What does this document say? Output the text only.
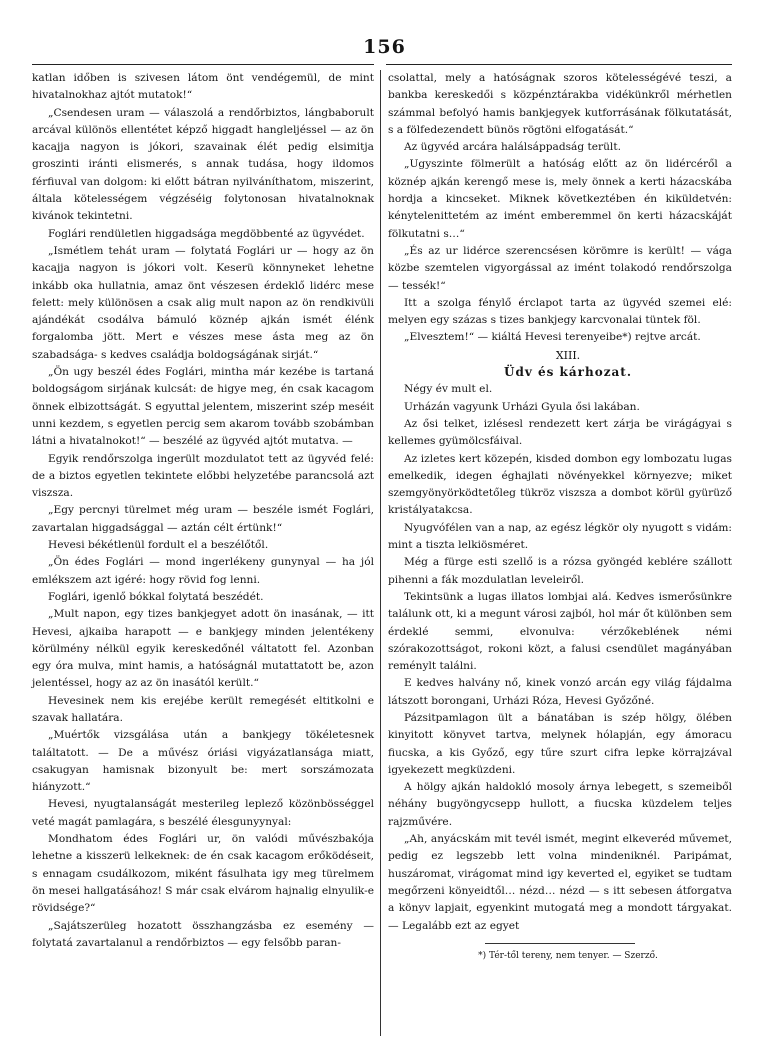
156

katlan időben is szivesen látom önt vendégemül, de mint hivatalnokhaz ajtót mutatok!“

„Csendesen uram — válaszolá a rendőrbiztos, lángbaborult arcával különös ellentétet képző higgadt hangleljéssel — az ön kacajja nagyon is jókori, szavainak élét pedig elsimitja groszinti iránti elismerés, s annak tudása, hogy ildomos férfiuval van dolgom: ki előtt bátran nyilváníthatom, miszerint, általa kötelességem végzéséig folytonosan hivatalnoknak kivánok tekintetni.

Foglári rendületlen higgadsága megdöbbenté az ügyvédet.

„Ismétlem tehát uram — folytatá Foglári ur — hogy az ön kacajja nagyon is jókori volt. Keserü könnyneket lehetne inkább oka hullatnia, amaz önt vészesen érdeklő lidérc mese felett: mely különösen a csak alig mult napon az ön rendkivüli ajándékát csodálva bámuló köznép ajkán ismét élénk forgalomba jött. Mert e vészes mese ásta meg az ön szabadsága- s kedves családja boldogságának sirját.“

„Ön ugy beszél édes Foglári, mintha már kezébe is tartaná boldogságom sirjának kulcsát: de higye meg, én csak kacagom önnek elbizottságát. S egyuttal jelentem, miszerint szép meséit unni kezdem, s egyetlen percig sem akarom tovább szobámban látni a hivatalnokot!“ — beszélé az ügyvéd ajtót mutatva. —

Egyik rendőrszolga ingerült mozdulatot tett az ügyvéd felé: de a biztos egyetlen tekintete előbbi helyzetébe parancsolá azt viszsza.

„Egy percnyi türelmet még uram — beszéle ismét Foglári, zavartalan higgadsággal — aztán célt értünk!“

Hevesi békétlenül fordult el a beszélőtől.

„Ön édes Foglári — mond ingerlékeny gunynyal — ha jól emlékszem azt igéré: hogy rövid fog lenni.

Foglári, igenlő bókkal folytatá beszédét.

„Mult napon, egy tizes bankjegyet adott ön inasának, — itt Hevesi, ajkaiba harapott — e bankjegy minden jelentékeny körülmény nélkül egyik kereskedőnél váltatott fel. Azonban egy óra mulva, mint hamis, a hatóságnál mutattatott be, azon jelentéssel, hogy az az ön inasától került.“

Hevesinek nem kis erejébe került remegését eltitkolni e szavak hallatára.

„Muértők vizsgálása után a bankjegy tökéletesnek találtatott. — De a művész óriási vigyázatlansága miatt, csakugyan hamisnak bizonyult be: mert sorszámozata hiányzott.“

Hevesi, nyugtalanságát mesterileg leplező közönbösséggel veté magát pamlagára, s beszélé élesgunyynyal:

Mondhatom édes Foglári ur, ön valódi művészbakója lehetne a kisszerü lelkeknek: de én csak kacagom erőködéseit, s ennagam csudálkozom, miként fásulhata igy meg türelmem ön mesei hallgatásához! S már csak elvárom hajnalig elnyulik-e rövidsége?“

„Sajátszerüleg hozatott összhangzásba ez esemény — folytatá zavartalanul a rendőrbiztos — egy felsőbb paran-

csolattal, mely a hatóságnak szoros kötelességévé teszi, a bankba kereskedői s közpénztárakba vidékünkről mérhetlen számmal befolyó hamis bankjegyek kutforrásának fölkutatását, s a fölfedezendett bünös rögtöni elfogatását.“

Az ügyvéd arcára halálsáppadság terült.

„Ugyszinte fölmerült a hatóság előtt az ön lidércéről a köznép ajkán kerengő mese is, mely önnek a kerti házacskába hordja a kincseket. Miknek következtében én kiküldetvén: kénytelenittetém az imént emberemmel ön kerti házacskáját fölkutatni s…“

„És az ur lidérce szerencsésen körömre is került! — vága közbe szemtelen vigyorgással az imént tolakodó rendőrszolga — tessék!“

Itt a szolga fénylő érclapot tarta az ügyvéd szemei elé: melyen egy százas s tizes bankjegy karcvonalai tüntek föl.

„Elvesztem!“ — kiáltá Hevesi terenyeibe*) rejtve arcát.

XIII.

Üdv és kárhozat.

Négy év mult el.

Urházán vagyunk Urházi Gyula ősi lakában.

Az ősi telket, izlésesl rendezett kert zárja be virágágyai s kellemes gyümölcsfáival.

Az izletes kert közepén, kisded dombon egy lombozatu lugas emelkedik, idegen éghajlati növényekkel környezve; miket szemgyönyörködtetőleg tükröz viszsza a dombot körül gyürüző kristályatakcsa.

Nyugvófélen van a nap, az egész légkör oly nyugott s vidám: mint a tiszta lelkiösméret.

Még a fürge esti szellő is a rózsa gyöngéd keblére szállott pihenni a fák mozdulatlan leveleiről.

Tekintsünk a lugas illatos lombjai alá. Kedves ismerősünkre találunk ott, ki a megunt városi zajból, hol már őt különben sem érdeklé semmi, elvonulva: vérzőkeblének némi szórakozottságot, rokoni közt, a falusi csendület magányában reménylt találni.

E kedves halvány nő, kinek vonzó arcán egy világ fájdalma látszott borongani, Urházi Róza, Hevesi Győzőné.

Pázsitpamlagon ült a bánatában is szép hölgy, ölében kinyitott könyvet tartva, melynek hólapján, egy ámoracu fiucska, a kis Győző, egy tűre szurt cifra lepke körrajzával igyekezett megküzdeni.

A hölgy ajkán haldokló mosoly árnya lebegett, s szemeiből néhány bugyöngycsepp hullott, a fiucska küzdelem teljes rajzművére.

„Ah, anyácskám mit tevél ismét, megint elkeveréd művemet, pedig ez legszebb lett volna mindeniknél. Paripámat, huszáromat, virágomat mind igy keverted el, egyiket se tudtam megőrzeni könyeidtől… nézd… nézd — s itt sebesen átforgatva a könyv lapjait, egyenkint mutogatá meg a mondott tárgyakat. — Legalább ezt az egyet

*) Tér-től tereny, nem tenyer. — Szerző.
